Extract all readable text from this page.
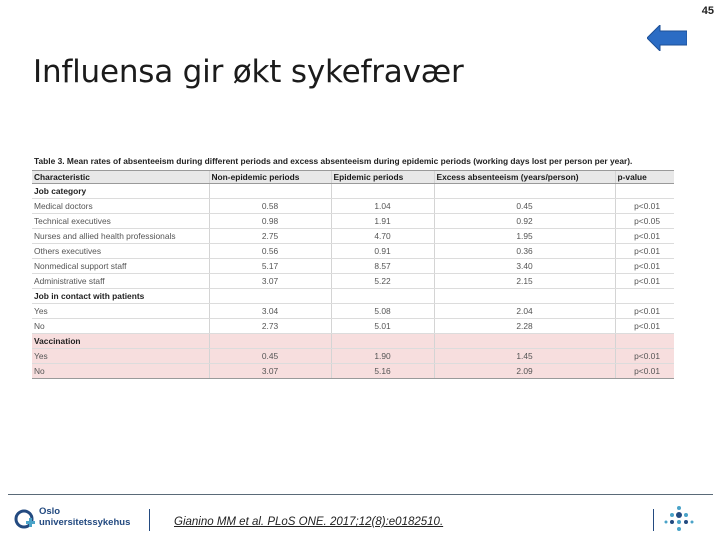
45
Influensa gir økt sykefravær
Table 3. Mean rates of absenteeism during different periods and excess absenteeism during epidemic periods (working days lost per person per year).
Characteristic	Non-epidemic periods	Epidemic periods	Excess absenteeism (years/person)	p-value
Job category				
Medical doctors	0.58	1.04	0.45	p<0.01
Technical executives	0.98	1.91	0.92	p<0.05
Nurses and allied health professionals	2.75	4.70	1.95	p<0.01
Others executives	0.56	0.91	0.36	p<0.01
Nonmedical support staff	5.17	8.57	3.40	p<0.01
Administrative staff	3.07	5.22	2.15	p<0.01
Job in contact with patients				
Yes	3.04	5.08	2.04	p<0.01
No	2.73	5.01	2.28	p<0.01
Vaccination				
Yes	0.45	1.90	1.45	p<0.01
No	3.07	5.16	2.09	p<0.01
Oslo
universitetssykehus	Gianino MM et al. PLoS ONE. 2017;12(8):e0182510.
